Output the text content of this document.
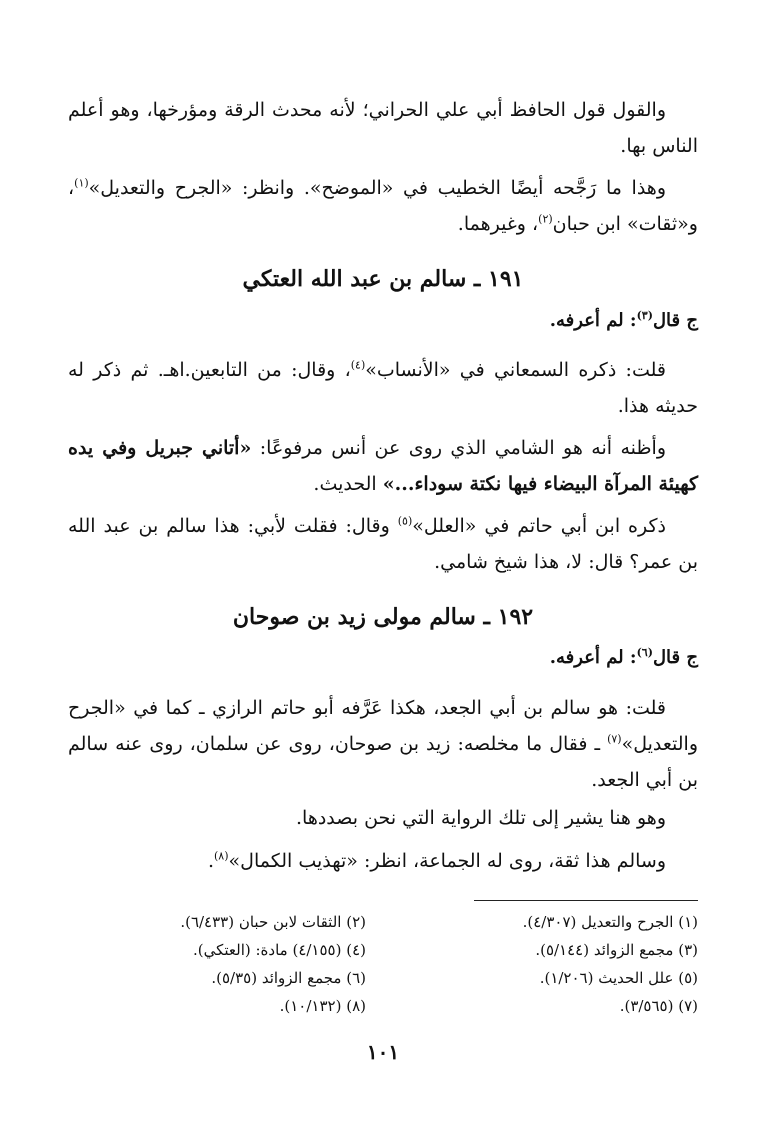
والقول قول الحافظ أبي علي الحراني؛ لأنه محدث الرقة ومؤرخها، وهو أعلم الناس بها.

وهذا ما رَجَّحه أيضًا الخطيب في «الموضح». وانظر: «الجرح والتعديل»$^{(١)}$، و«ثقات» ابن حبان$^{(٢)}$، وغيرهما.

١٩١ ـ سالم بن عبد الله العتكي

ج قال$^{(٣)}$: لم أعرفه.

قلت: ذكره السمعاني في «الأنساب»$^{(٤)}$، وقال: من التابعين.اهـ. ثم ذكر له حديثه هذا.

وأظنه أنه هو الشامي الذي روى عن أنس مرفوعًا: «أتاني جبريل وفي يده كهيئة المرآة البيضاء فيها نكتة سوداء...» الحديث.

ذكره ابن أبي حاتم في «العلل»$^{(٥)}$ وقال: فقلت لأبي: هذا سالم بن عبد الله بن عمر؟ قال: لا، هذا شيخ شامي.

١٩٢ ـ سالم مولى زيد بن صوحان

ج قال$^{(٦)}$: لم أعرفه.

قلت: هو سالم بن أبي الجعد، هكذا عَرَّفه أبو حاتم الرازي ـ كما في «الجرح والتعديل»$^{(٧)}$ ـ فقال ما مخلصه: زيد بن صوحان، روى عن سلمان، روى عنه سالم بن أبي الجعد.

وهو هنا يشير إلى تلك الرواية التي نحن بصددها.

وسالم هذا ثقة، روى له الجماعة، انظر: «تهذيب الكمال»$^{(٨)}$.

(١) الجرح والتعديل (٤/٣٠٧).

(٢) الثقات لابن حبان (٦/٤٣٣).

(٣) مجمع الزوائد (٥/١٤٤).

(٤) (٤/١٥٥) مادة: (العتكي).

(٥) علل الحديث (١/٢٠٦).

(٦) مجمع الزوائد (٥/٣٥).

(٧) (٣/٥٦٥).

(٨) (١٠/١٣٢).

١٠١
